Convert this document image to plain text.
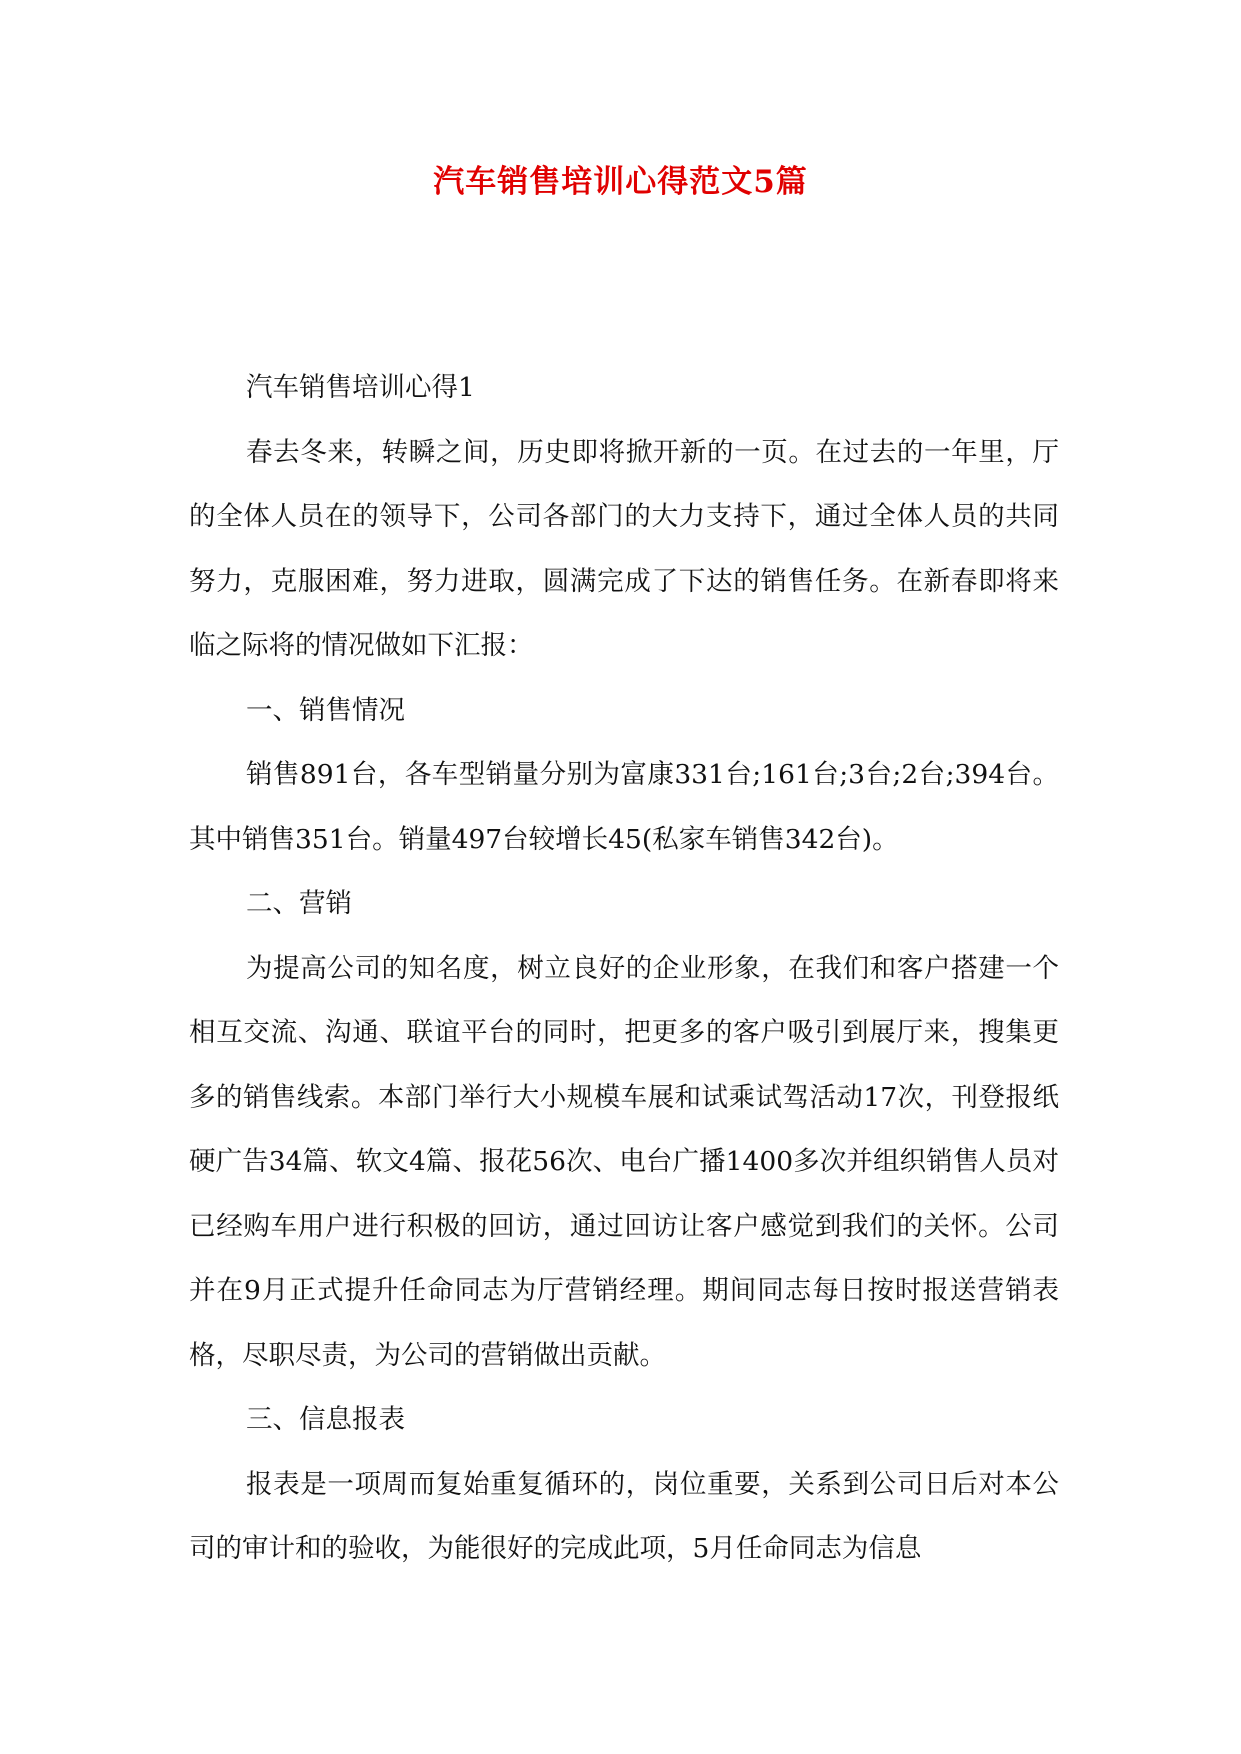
汽车销售培训心得范文5篇

汽车销售培训心得1

春去冬来，转瞬之间，历史即将掀开新的一页。在过去的一年里，厅的全体人员在的领导下，公司各部门的大力支持下，通过全体人员的共同努力，克服困难，努力进取，圆满完成了下达的销售任务。在新春即将来临之际将的情况做如下汇报：

一、销售情况

销售891台，各车型销量分别为富康331台;161台;3台;2台;394台。其中销售351台。销量497台较增长45(私家车销售342台)。

二、营销

为提高公司的知名度，树立良好的企业形象，在我们和客户搭建一个相互交流、沟通、联谊平台的同时，把更多的客户吸引到展厅来，搜集更多的销售线索。本部门举行大小规模车展和试乘试驾活动17次，刊登报纸硬广告34篇、软文4篇、报花56次、电台广播1400多次并组织销售人员对已经购车用户进行积极的回访，通过回访让客户感觉到我们的关怀。公司并在9月正式提升任命同志为厅营销经理。期间同志每日按时报送营销表格，尽职尽责，为公司的营销做出贡献。

三、信息报表

报表是一项周而复始重复循环的，岗位重要，关系到公司日后对本公司的审计和的验收，为能很好的完成此项，5月任命同志为信息
